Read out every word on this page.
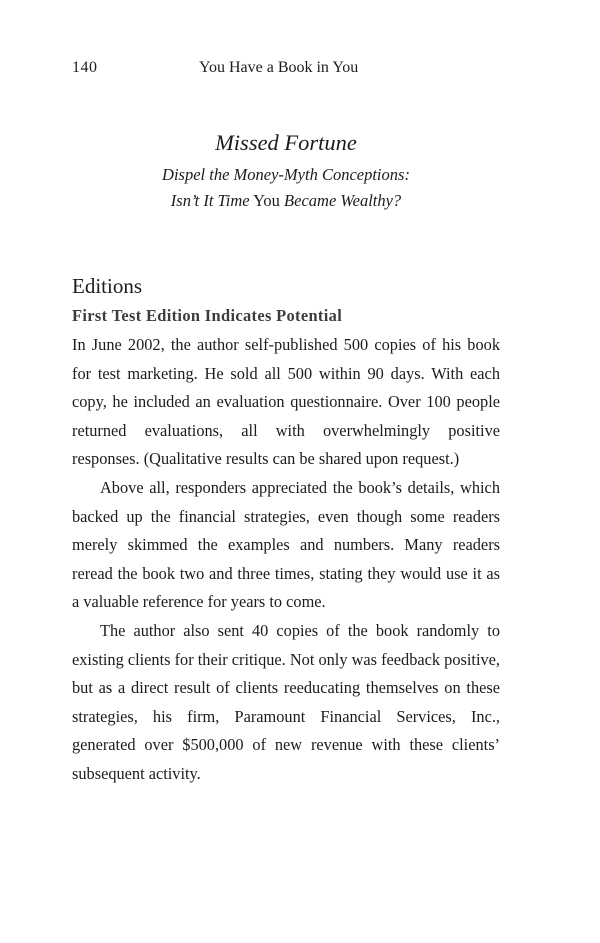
140	You Have a Book in You
Missed Fortune
Dispel the Money-Myth Conceptions:
Isn’t It Time You Became Wealthy?
Editions
First Test Edition Indicates Potential

In June 2002, the author self-published 500 copies of his book for test marketing. He sold all 500 within 90 days. With each copy, he included an evaluation questionnaire. Over 100 people returned evaluations, all with overwhelmingly positive responses. (Qualitative results can be shared upon request.)

Above all, responders appreciated the book’s details, which backed up the financial strategies, even though some readers merely skimmed the examples and numbers. Many readers reread the book two and three times, stating they would use it as a valuable reference for years to come.

The author also sent 40 copies of the book randomly to existing clients for their critique. Not only was feedback positive, but as a direct result of clients reeducating themselves on these strategies, his firm, Paramount Financial Services, Inc., generated over $500,000 of new revenue with these clients’ subsequent activity.
